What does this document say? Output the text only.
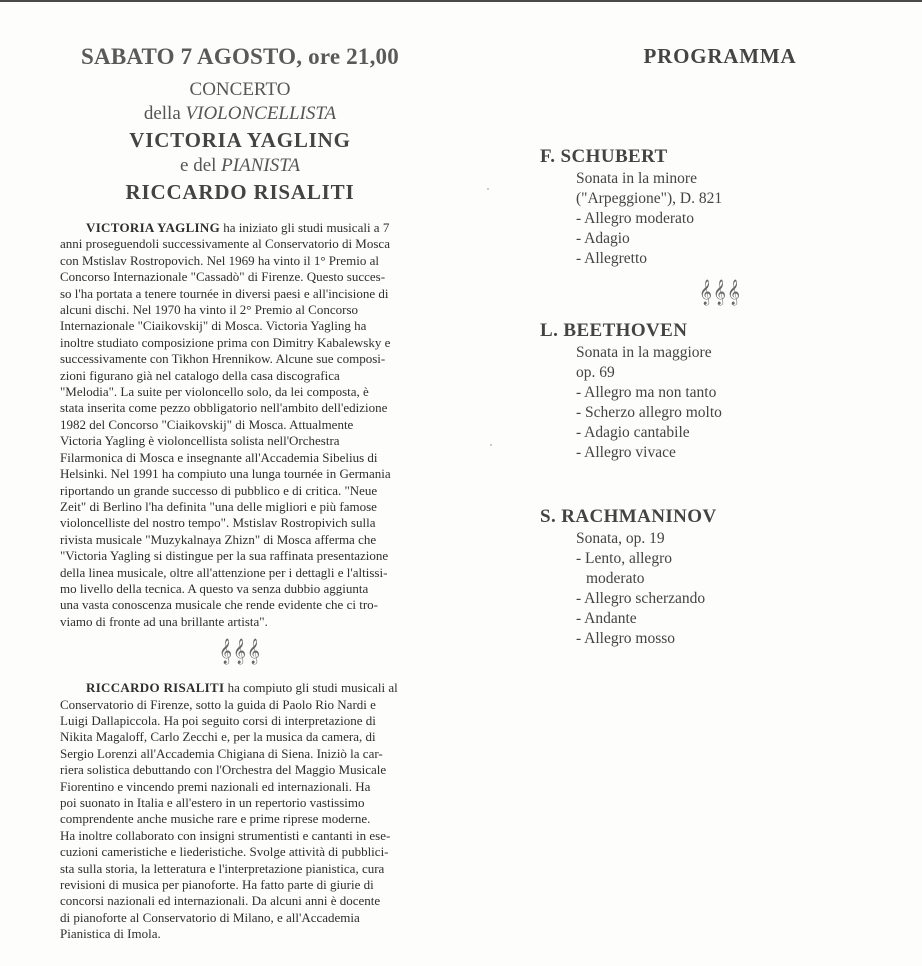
SABATO 7 AGOSTO, ore 21,00
CONCERTO
della VIOLONCELLISTA
VICTORIA YAGLING
e del PIANISTA
RICCARDO RISALITI
VICTORIA YAGLING ha iniziato gli studi musicali a 7
anni proseguendoli successivamente al Conservatorio di Mosca
con Mstislav Rostropovich. Nel 1969 ha vinto il 1° Premio al
Concorso Internazionale "Cassadò" di Firenze. Questo succes-
so l'ha portata a tenere tournée in diversi paesi e all'incisione di
alcuni dischi. Nel 1970 ha vinto il 2° Premio al Concorso
Internazionale "Ciaikovskij" di Mosca. Victoria Yagling ha
inoltre studiato composizione prima con Dimitry Kabalewsky e
successivamente con Tikhon Hrennikow. Alcune sue composi-
zioni figurano già nel catalogo della casa discografica
"Melodia". La suite per violoncello solo, da lei composta, è
stata inserita come pezzo obbligatorio nell'ambito dell'edizione
1982 del Concorso "Ciaikovskij" di Mosca. Attualmente
Victoria Yagling è violoncellista solista nell'Orchestra
Filarmonica di Mosca e insegnante all'Accademia Sibelius di
Helsinki. Nel 1991 ha compiuto una lunga tournée in Germania
riportando un grande successo di pubblico e di critica. "Neue
Zeit" di Berlino l'ha definita "una delle migliori e più famose
violoncelliste del nostro tempo". Mstislav Rostropivich sulla
rivista musicale "Muzykalnaya Zhizn" di Mosca afferma che
"Victoria Yagling si distingue per la sua raffinata presentazione
della linea musicale, oltre all'attenzione per i dettagli e l'altissi-
mo livello della tecnica. A questo va senza dubbio aggiunta
una vasta conoscenza musicale che rende evidente che ci tro-
viamo di fronte ad una brillante artista".
𝄞𝄞𝄞
RICCARDO RISALITI ha compiuto gli studi musicali al
Conservatorio di Firenze, sotto la guida di Paolo Rio Nardi e
Luigi Dallapiccola. Ha poi seguito corsi di interpretazione di
Nikita Magaloff, Carlo Zecchi e, per la musica da camera, di
Sergio Lorenzi all'Accademia Chigiana di Siena. Iniziò la car-
riera solistica debuttando con l'Orchestra del Maggio Musicale
Fiorentino e vincendo premi nazionali ed internazionali. Ha
poi suonato in Italia e all'estero in un repertorio vastissimo
comprendente anche musiche rare e prime riprese moderne.
Ha inoltre collaborato con insigni strumentisti e cantanti in ese-
cuzioni cameristiche e liederistiche. Svolge attività di pubblici-
sta sulla storia, la letteratura e l'interpretazione pianistica, cura
revisioni di musica per pianoforte. Ha fatto parte di giurie di
concorsi nazionali ed internazionali. Da alcuni anni è docente
di pianoforte al Conservatorio di Milano, e all'Accademia
Pianistica di Imola.
PROGRAMMA
F. SCHUBERT
Sonata in la minore
("Arpeggione"), D. 821
- Allegro moderato
- Adagio
- Allegretto
𝄞𝄞𝄞
L. BEETHOVEN
Sonata in la maggiore
op. 69
- Allegro ma non tanto
- Scherzo allegro molto
- Adagio cantabile
- Allegro vivace
S. RACHMANINOV
Sonata, op. 19
- Lento, allegro
moderato
- Allegro scherzando
- Andante
- Allegro mosso
